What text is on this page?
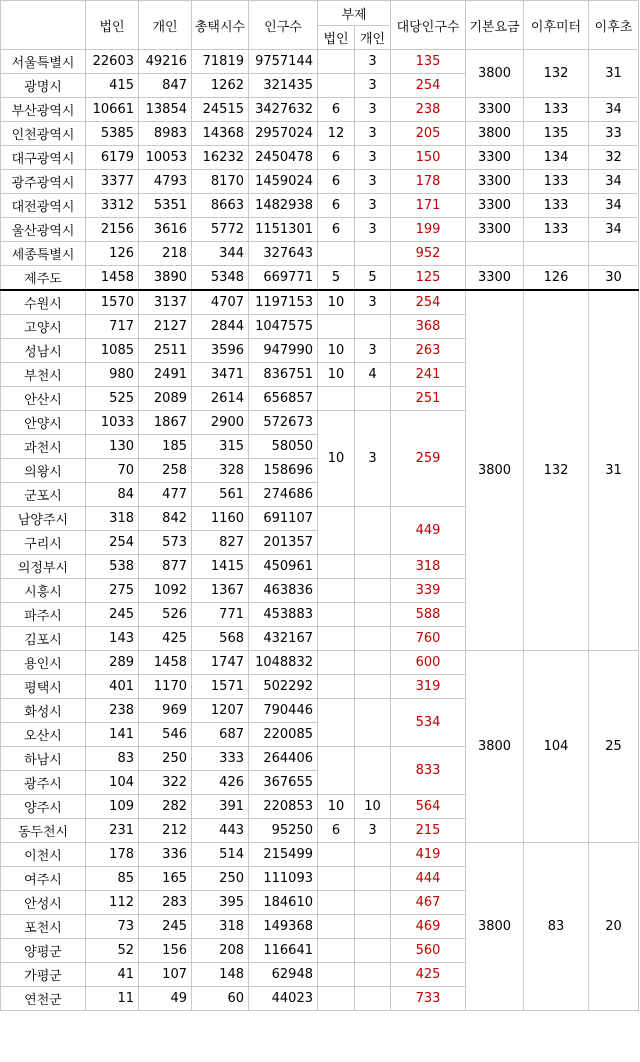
	법인	개인	총택시수	인구수	부제		대당인구수	기본요금	이후미터	이후초
					법인	개인				
서울특별시	22603	49216	71819	9757144		3	135	3800	132	31
광명시	415	847	1262	321435		3	254			
부산광역시	10661	13854	24515	3427632	6	3	238	3300	133	34
인천광역시	5385	8983	14368	2957024	12	3	205	3800	135	33
대구광역시	6179	10053	16232	2450478	6	3	150	3300	134	32
광주광역시	3377	4793	8170	1459024	6	3	178	3300	133	34
대전광역시	3312	5351	8663	1482938	6	3	171	3300	133	34
울산광역시	2156	3616	5772	1151301	6	3	199	3300	133	34
세종특별시	126	218	344	327643			952			
제주도	1458	3890	5348	669771	5	5	125	3300	126	30
수원시	1570	3137	4707	1197153	10	3	254	3800	132	31
고양시	717	2127	2844	1047575			368			
성남시	1085	2511	3596	947990	10	3	263			
부천시	980	2491	3471	836751	10	4	241			
안산시	525	2089	2614	656857			251			
안양시	1033	1867	2900	572673	10	3	259			
과천시	130	185	315	58050						
의왕시	70	258	328	158696						
군포시	84	477	561	274686						
남양주시	318	842	1160	691107			449			
구리시	254	573	827	201357						
의정부시	538	877	1415	450961			318			
시흥시	275	1092	1367	463836			339			
파주시	245	526	771	453883			588			
김포시	143	425	568	432167			760			
용인시	289	1458	1747	1048832			600	3800	104	25
평택시	401	1170	1571	502292			319			
화성시	238	969	1207	790446			534			
오산시	141	546	687	220085						
하남시	83	250	333	264406			833			
광주시	104	322	426	367655						
양주시	109	282	391	220853	10	10	564			
동두천시	231	212	443	95250	6	3	215			
이천시	178	336	514	215499			419	3800	83	20
여주시	85	165	250	111093			444			
안성시	112	283	395	184610			467			
포천시	73	245	318	149368			469			
양평군	52	156	208	116641			560			
가평군	41	107	148	62948			425			
연천군	11	49	60	44023			733			
